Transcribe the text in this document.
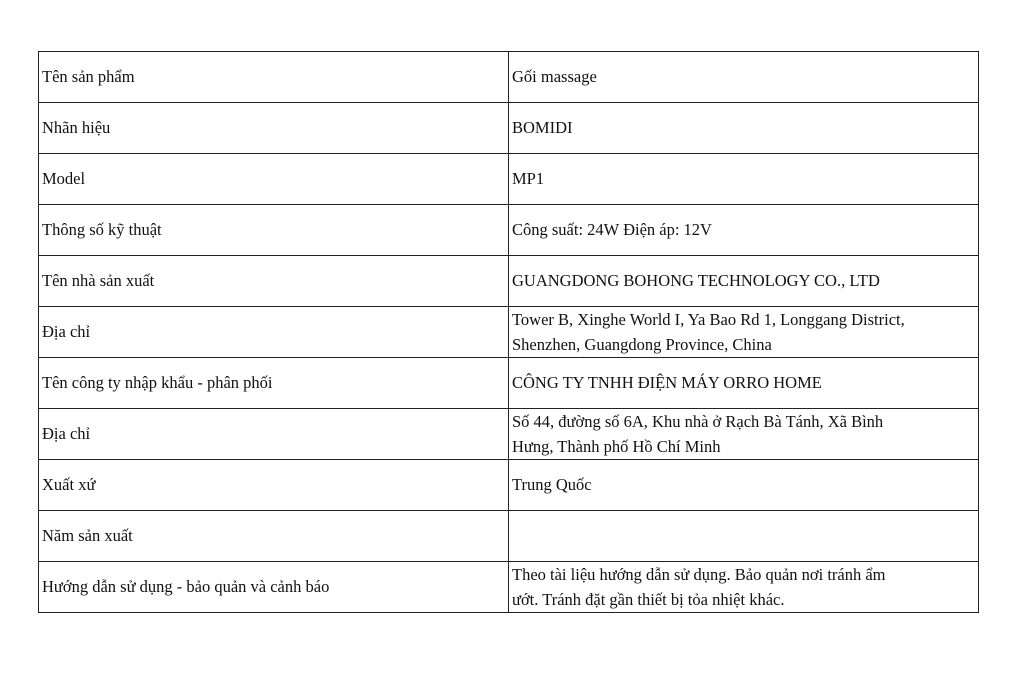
Tên sản phẩm	Gối massage
Nhãn hiệu	BOMIDI
Model	MP1
Thông số kỹ thuật	Công suất: 24W Điện áp: 12V
Tên nhà sản xuất	GUANGDONG BOHONG TECHNOLOGY CO., LTD
Địa chỉ	Tower B, Xinghe World I, Ya Bao Rd 1, Longgang District,
Shenzhen, Guangdong Province, China

Tên công ty nhập khẩu - phân phối	CÔNG TY TNHH ĐIỆN MÁY ORRO HOME
Địa chỉ	Số 44, đường số 6A, Khu nhà ở Rạch Bà Tánh, Xã Bình
Hưng, Thành phố Hồ Chí Minh

Xuất xứ	Trung Quốc
Năm sản xuất	
Hướng dẫn sử dụng - bảo quản và cảnh báo	Theo tài liệu hướng dẫn sử dụng. Bảo quản nơi tránh ẩm
ướt. Tránh đặt gần thiết bị tỏa nhiệt khác.
